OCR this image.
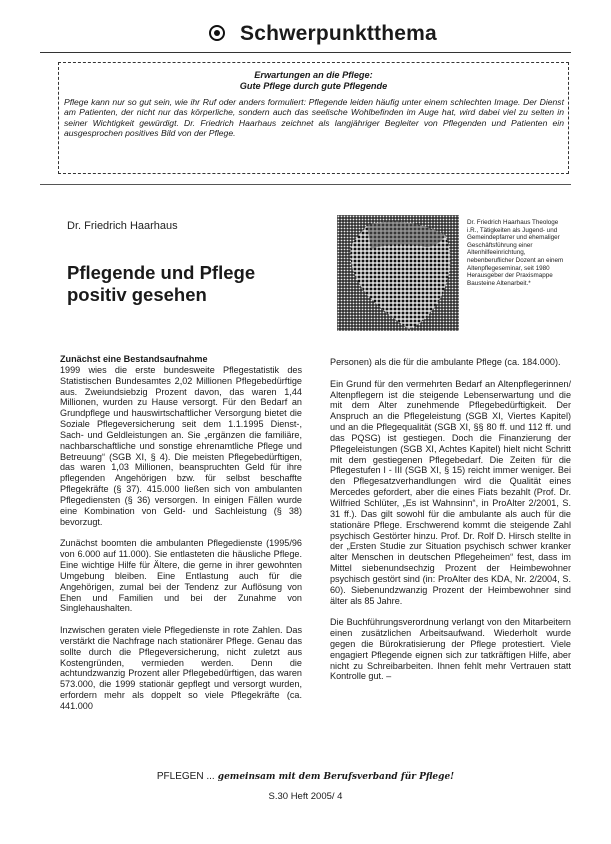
Schwerpunktthema
Erwartungen an die Pflege:
Gute Pflege durch gute Pflegende
Pflege kann nur so gut sein, wie ihr Ruf oder anders formuliert: Pflegende leiden häufig unter einem schlechten Image. Der Dienst am Patienten, der nicht nur das körperliche, sondern auch das seelische Wohlbefinden im Auge hat, wird dabei viel zu selten in seiner Wichtigkeit gewürdigt. Dr. Friedrich Haarhaus zeichnet als langjähriger Begleiter von Pflegenden und Patienten ein ausgesprochen positives Bild von der Pflege.
Dr. Friedrich Haarhaus
Pflegende und Pflege positiv gesehen
Dr. Friedrich Haarhaus Theologe i.R., Tätigkeiten als Jugend- und Gemeindepfarrer und ehemaliger Geschäftsführung einer Altenhilfeeinrichtung, nebenberuflicher Dozent an einem Altenpflegeseminar, seit 1980 Herausgeber der Praxismappe Bausteine Altenarbeit.*

Zunächst eine Bestandsaufnahme
1999 wies die erste bundesweite Pflegestatistik des Statistischen Bundesamtes 2,02 Millionen Pflegebedürftige aus. Zweiundsiebzig Prozent davon, das waren 1,44 Millionen, wurden zu Hause versorgt. Für den Bedarf an Grundpflege und hauswirtschaftlicher Versorgung bietet die Soziale Pflegeversicherung seit dem 1.1.1995 Dienst-, Sach- und Geldleistungen an. Sie „ergänzen die familiäre, nachbarschaftliche und sonstige ehrenamtliche Pflege und Betreuung“ (SGB XI, § 4). Die meisten Pflegebedürftigen, das waren 1,03 Millionen, beanspruchten Geld für ihre pflegenden Angehörigen bzw. für selbst beschaffte Pflegekräfte (§ 37). 415.000 ließen sich von ambulanten Pflegediensten (§ 36) versorgen. In einigen Fällen wurde eine Kombination von Geld- und Sachleistung (§ 38) bevorzugt.

Zunächst boomten die ambulanten Pflegedienste (1995/96 von 6.000 auf 11.000). Sie entlasteten die häusliche Pflege. Eine wichtige Hilfe für Ältere, die gerne in ihrer gewohnten Umgebung bleiben. Eine Entlastung auch für die Angehörigen, zumal bei der Tendenz zur Auflösung von Ehen und Familien und bei der Zunahme von Singlehaushalten.

Inzwischen geraten viele Pflegedienste in rote Zahlen. Das verstärkt die Nachfrage nach stationärer Pflege. Genau das sollte durch die Pflegeversicherung, nicht zuletzt aus Kostengründen, vermieden werden. Denn die achtundzwanzig Prozent aller Pflegebedürftigen, das waren 573.000, die 1999 stationär gepflegt und versorgt wurden, erfordern mehr als doppelt so viele Pflegekräfte (ca. 441.000

Personen) als die für die ambulante Pflege (ca. 184.000).

Ein Grund für den vermehrten Bedarf an Altenpflegerinnen/ Altenpflegern ist die steigende Lebenserwartung und die mit dem Alter zunehmende Pflegebedürftigkeit. Der Anspruch an die Pflegeleistung (SGB XI, Viertes Kapitel) und an die Pflegequalität (SGB XI, §§ 80 ff. und 112 ff. und das PQSG) ist gestiegen. Doch die Finanzierung der Pflegeleistungen (SGB XI, Achtes Kapitel) hielt nicht Schritt mit dem gestiegenen Pflegebedarf. Die Zeiten für die Pflegestufen I - III (SGB XI, § 15) reicht immer weniger. Bei den Pflegesatzverhandlungen wird die Qualität eines Mercedes gefordert, aber die eines Fiats bezahlt (Prof. Dr. Wilfried Schlüter, „Es ist Wahnsinn“, in ProAlter 2/2001, S. 31 ff.). Das gilt sowohl für die ambulante als auch für die stationäre Pflege. Erschwerend kommt die steigende Zahl psychisch Gestörter hinzu. Prof. Dr. Rolf D. Hirsch stellte in der „Ersten Studie zur Situation psychisch schwer kranker alter Menschen in deutschen Pflegeheimen“ fest, dass im Mittel siebenundsechzig Prozent der Heimbewohner psychisch gestört sind (in: ProAlter des KDA, Nr. 2/2004, S. 60). Siebenundzwanzig Prozent der Heimbewohner sind älter als 85 Jahre.

Die Buchführungsverordnung verlangt von den Mitarbeitern einen zusätzlichen Arbeitsaufwand. Wiederholt wurde gegen die Bürokratisierung der Pflege protestiert. Viele engagiert Pflegende eignen sich zur tatkräftigen Hilfe, aber nicht zu Schreibarbeiten. Ihnen fehlt mehr Vertrauen statt Kontrolle gut. –

PFLEGEN ... gemeinsam mit dem Berufsverband für Pflege!
S.30 Heft 2005/ 4
